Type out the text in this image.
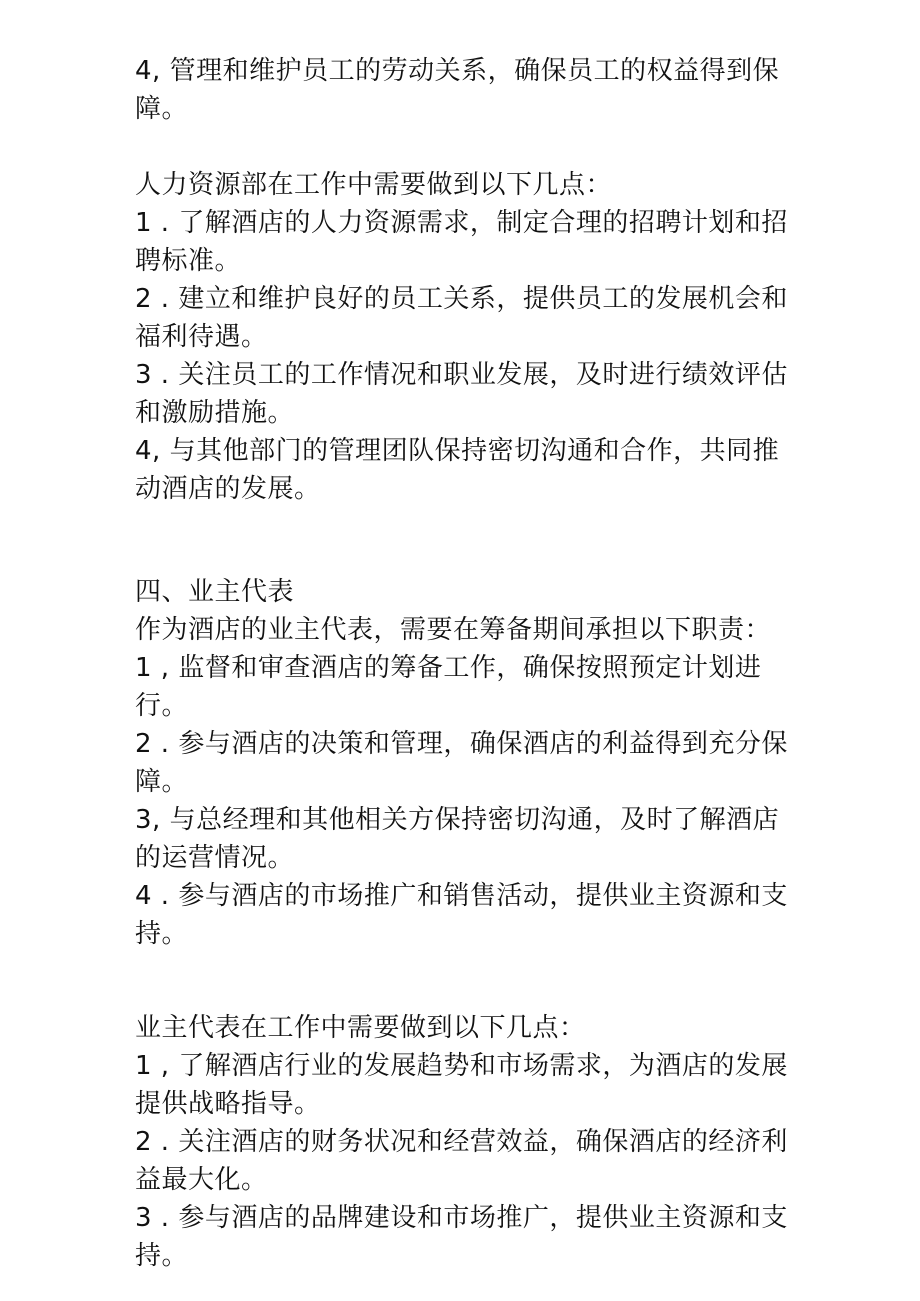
4, 管理和维护员工的劳动关系，确保员工的权益得到保
障。
人力资源部在工作中需要做到以下几点：
1 . 了解酒店的人力资源需求，制定合理的招聘计划和招
聘标准。
2 . 建立和维护良好的员工关系，提供员工的发展机会和
福利待遇。
3 . 关注员工的工作情况和职业发展，及时进行绩效评估
和激励措施。
4, 与其他部门的管理团队保持密切沟通和合作，共同推
动酒店的发展。
四、业主代表
作为酒店的业主代表，需要在筹备期间承担以下职责：
1 , 监督和审查酒店的筹备工作，确保按照预定计划进
行。
2 . 参与酒店的决策和管理，确保酒店的利益得到充分保
障。
3, 与总经理和其他相关方保持密切沟通，及时了解酒店
的运营情况。
4 . 参与酒店的市场推广和销售活动，提供业主资源和支
持。
业主代表在工作中需要做到以下几点：
1 , 了解酒店行业的发展趋势和市场需求，为酒店的发展
提供战略指导。
2 . 关注酒店的财务状况和经营效益，确保酒店的经济利
益最大化。
3 . 参与酒店的品牌建设和市场推广，提供业主资源和支
持。
